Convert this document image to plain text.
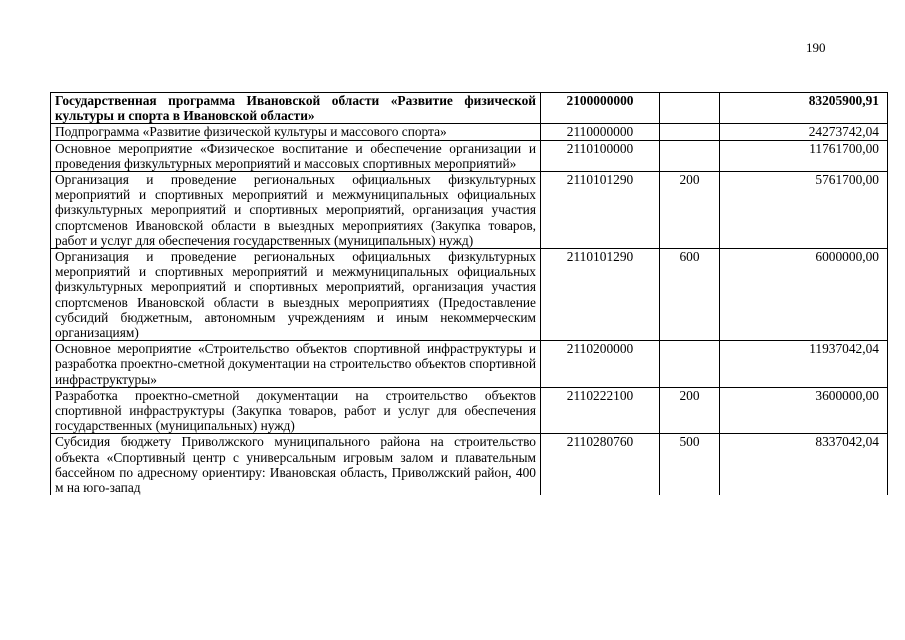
190
Государственная программа Ивановской области «Развитие физической культуры и спорта в Ивановской области»	2100000000		83205900,91
Подпрограмма «Развитие физической культуры и массового спорта»	2110000000		24273742,04
Основное мероприятие «Физическое воспитание и обеспечение организации и проведения физкультурных мероприятий и массовых спортивных мероприятий»	2110100000		11761700,00
Организация и проведение региональных официальных физкультурных мероприятий и спортивных мероприятий и межмуниципальных официальных физкультурных мероприятий и спортивных мероприятий, организация участия спортсменов Ивановской области в выездных мероприятиях (Закупка товаров, работ и услуг для обеспечения государственных (муниципальных) нужд)	2110101290	200	5761700,00
Организация и проведение региональных официальных физкультурных мероприятий и спортивных мероприятий и межмуниципальных официальных физкультурных мероприятий и спортивных мероприятий, организация участия спортсменов Ивановской области в выездных мероприятиях (Предоставление субсидий бюджетным, автономным учреждениям и иным некоммерческим организациям)	2110101290	600	6000000,00
Основное мероприятие «Строительство объектов спортивной инфраструктуры и разработка проектно-сметной документации на строительство объектов спортивной инфраструктуры»	2110200000		11937042,04
Разработка проектно-сметной документации на строительство объектов спортивной инфраструктуры (Закупка товаров, работ и услуг для обеспечения государственных (муниципальных) нужд)	2110222100	200	3600000,00
Субсидия бюджету Приволжского муниципального района на строительство объекта «Спортивный центр с универсальным игровым залом и плавательным бассейном по адресному ориентиру: Ивановская область, Приволжский район, 400 м на юго-запад	2110280760	500	8337042,04
